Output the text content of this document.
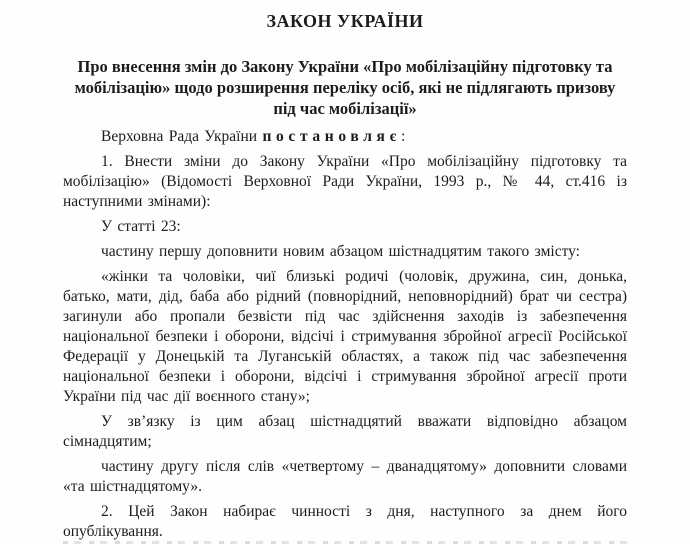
ЗАКОН УКРАЇНИ
Про внесення змін до Закону України «Про мобілізаційну підготовку та мобілізацію» щодо розширення переліку осіб, які не підлягають призову під час мобілізації»

Верховна Рада України постановляє:

1. Внести зміни до Закону України «Про мобілізаційну підготовку та мобілізацію» (Відомості Верховної Ради України, 1993 р., № 44, ст.416 із наступними змінами):

У статті 23:

частину першу доповнити новим абзацом шістнадцятим такого змісту:

«жінки та чоловіки, чиї близькі родичі (чоловік, дружина, син, донька, батько, мати, дід, баба або рідний (повнорідний, неповнорідний) брат чи сестра) загинули або пропали безвісти під час здійснення заходів із забезпечення національної безпеки і оборони, відсічі і стримування збройної агресії Російської Федерації у Донецькій та Луганській областях, а також під час забезпечення національної безпеки і оборони, відсічі і стримування збройної агресії проти України під час дії воєнного стану»;

У зв’язку із цим абзац шістнадцятий вважати відповідно абзацом сімнадцятим;

частину другу після слів «четвертому – дванадцятому» доповнити словами «та шістнадцятому».

2. Цей Закон набирає чинності з дня, наступного за днем його опублікування.
